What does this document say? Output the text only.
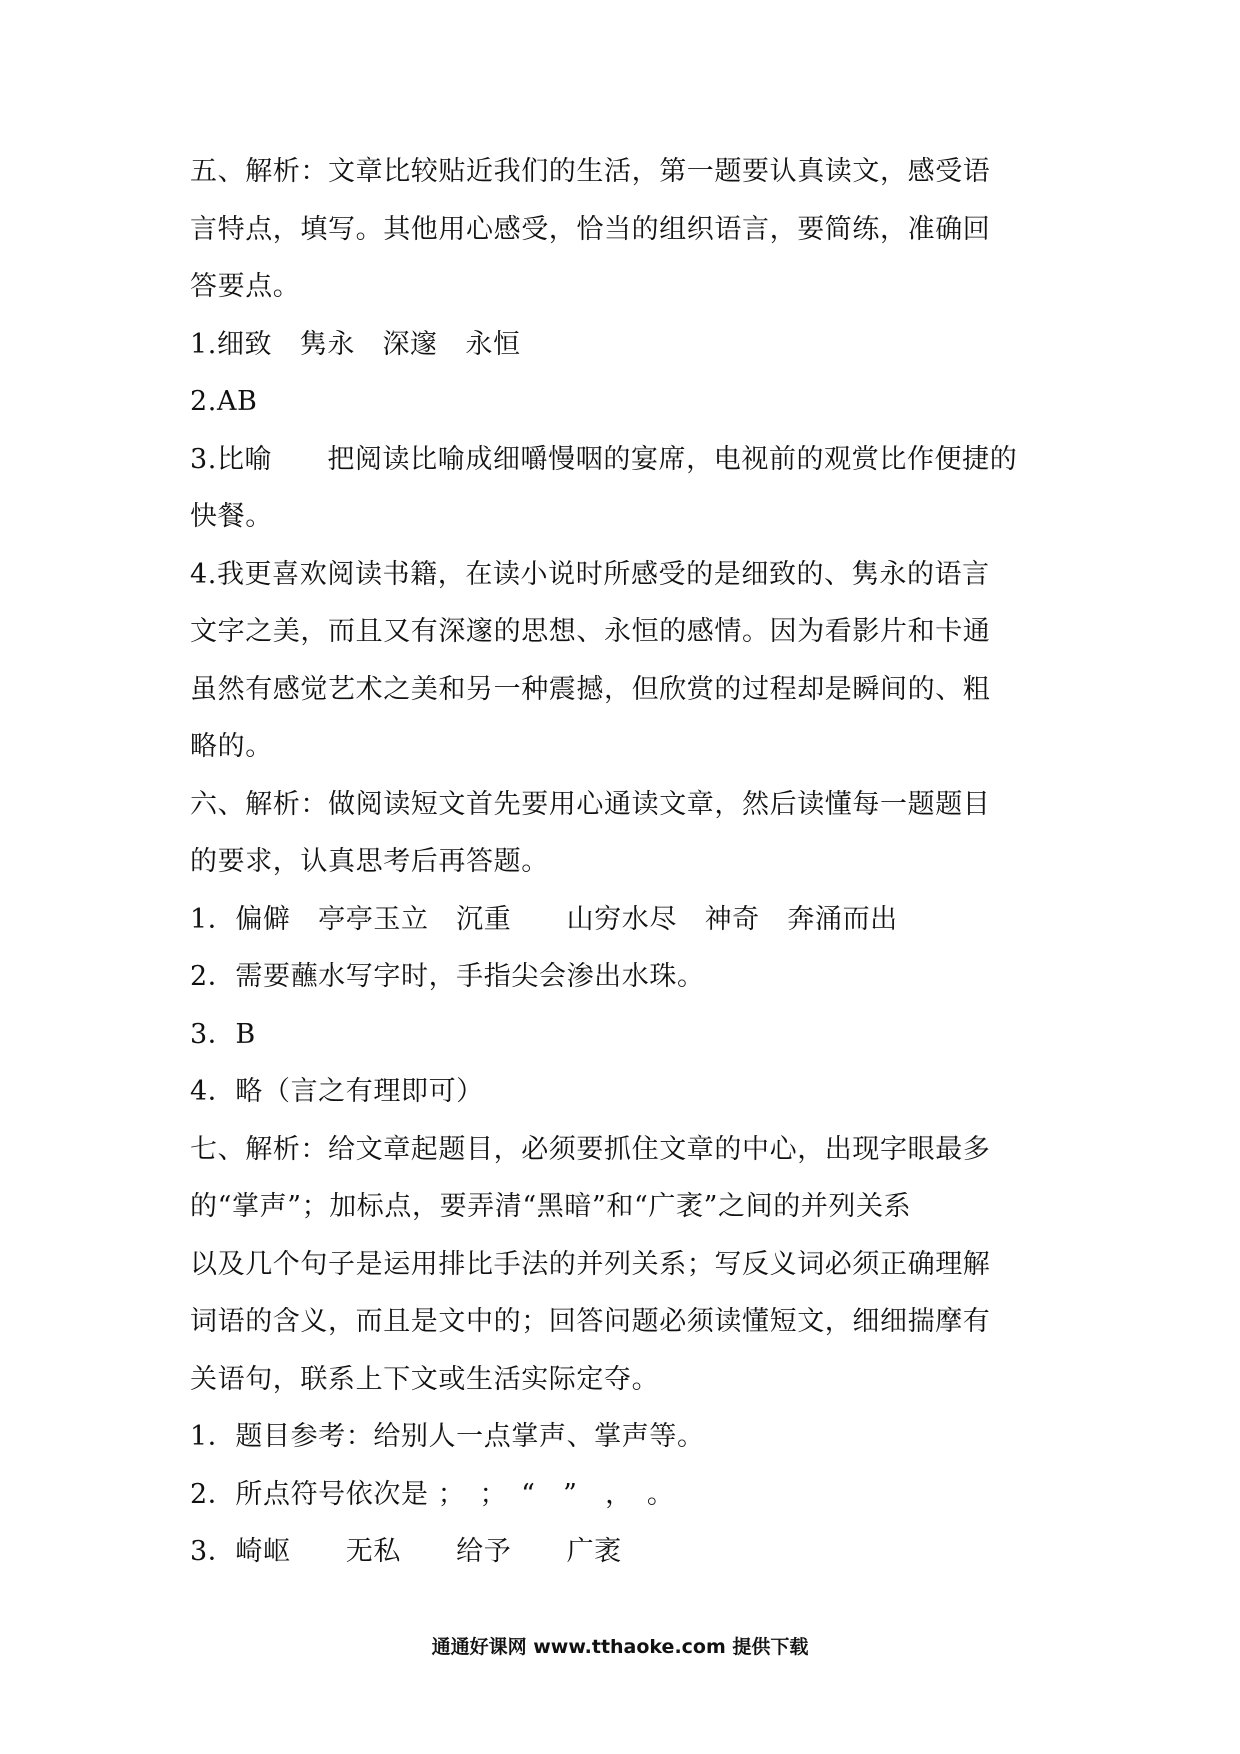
五、解析：文章比较贴近我们的生活，第一题要认真读文，感受语
言特点，填写。其他用心感受，恰当的组织语言，要简练，准确回
答要点。
1.细致　隽永　深邃　永恒
2.AB
3.比喻　　把阅读比喻成细嚼慢咽的宴席，电视前的观赏比作便捷的
快餐。
4.我更喜欢阅读书籍，在读小说时所感受的是细致的、隽永的语言
文字之美，而且又有深邃的思想、永恒的感情。因为看影片和卡通
虽然有感觉艺术之美和另一种震撼，但欣赏的过程却是瞬间的、粗
略的。
六、解析：做阅读短文首先要用心通读文章，然后读懂每一题题目
的要求，认真思考后再答题。
1．偏僻　亭亭玉立　沉重　　山穷水尽　神奇　奔涌而出
2．需要蘸水写字时，手指尖会渗出水珠。
3．B
4．略（言之有理即可）
七、解析：给文章起题目，必须要抓住文章的中心，出现字眼最多
的“掌声”；加标点，要弄清“黑暗”和“广袤”之间的并列关系
以及几个句子是运用排比手法的并列关系；写反义词必须正确理解
词语的含义，而且是文中的；回答问题必须读懂短文，细细揣摩有
关语句，联系上下文或生活实际定夺。
1．题目参考：给别人一点掌声、掌声等。
2．所点符号依次是 ；　；　“　”　，　。
3．崎岖　　无私　　给予　　广袤
通通好课网 www.tthaoke.com 提供下载
